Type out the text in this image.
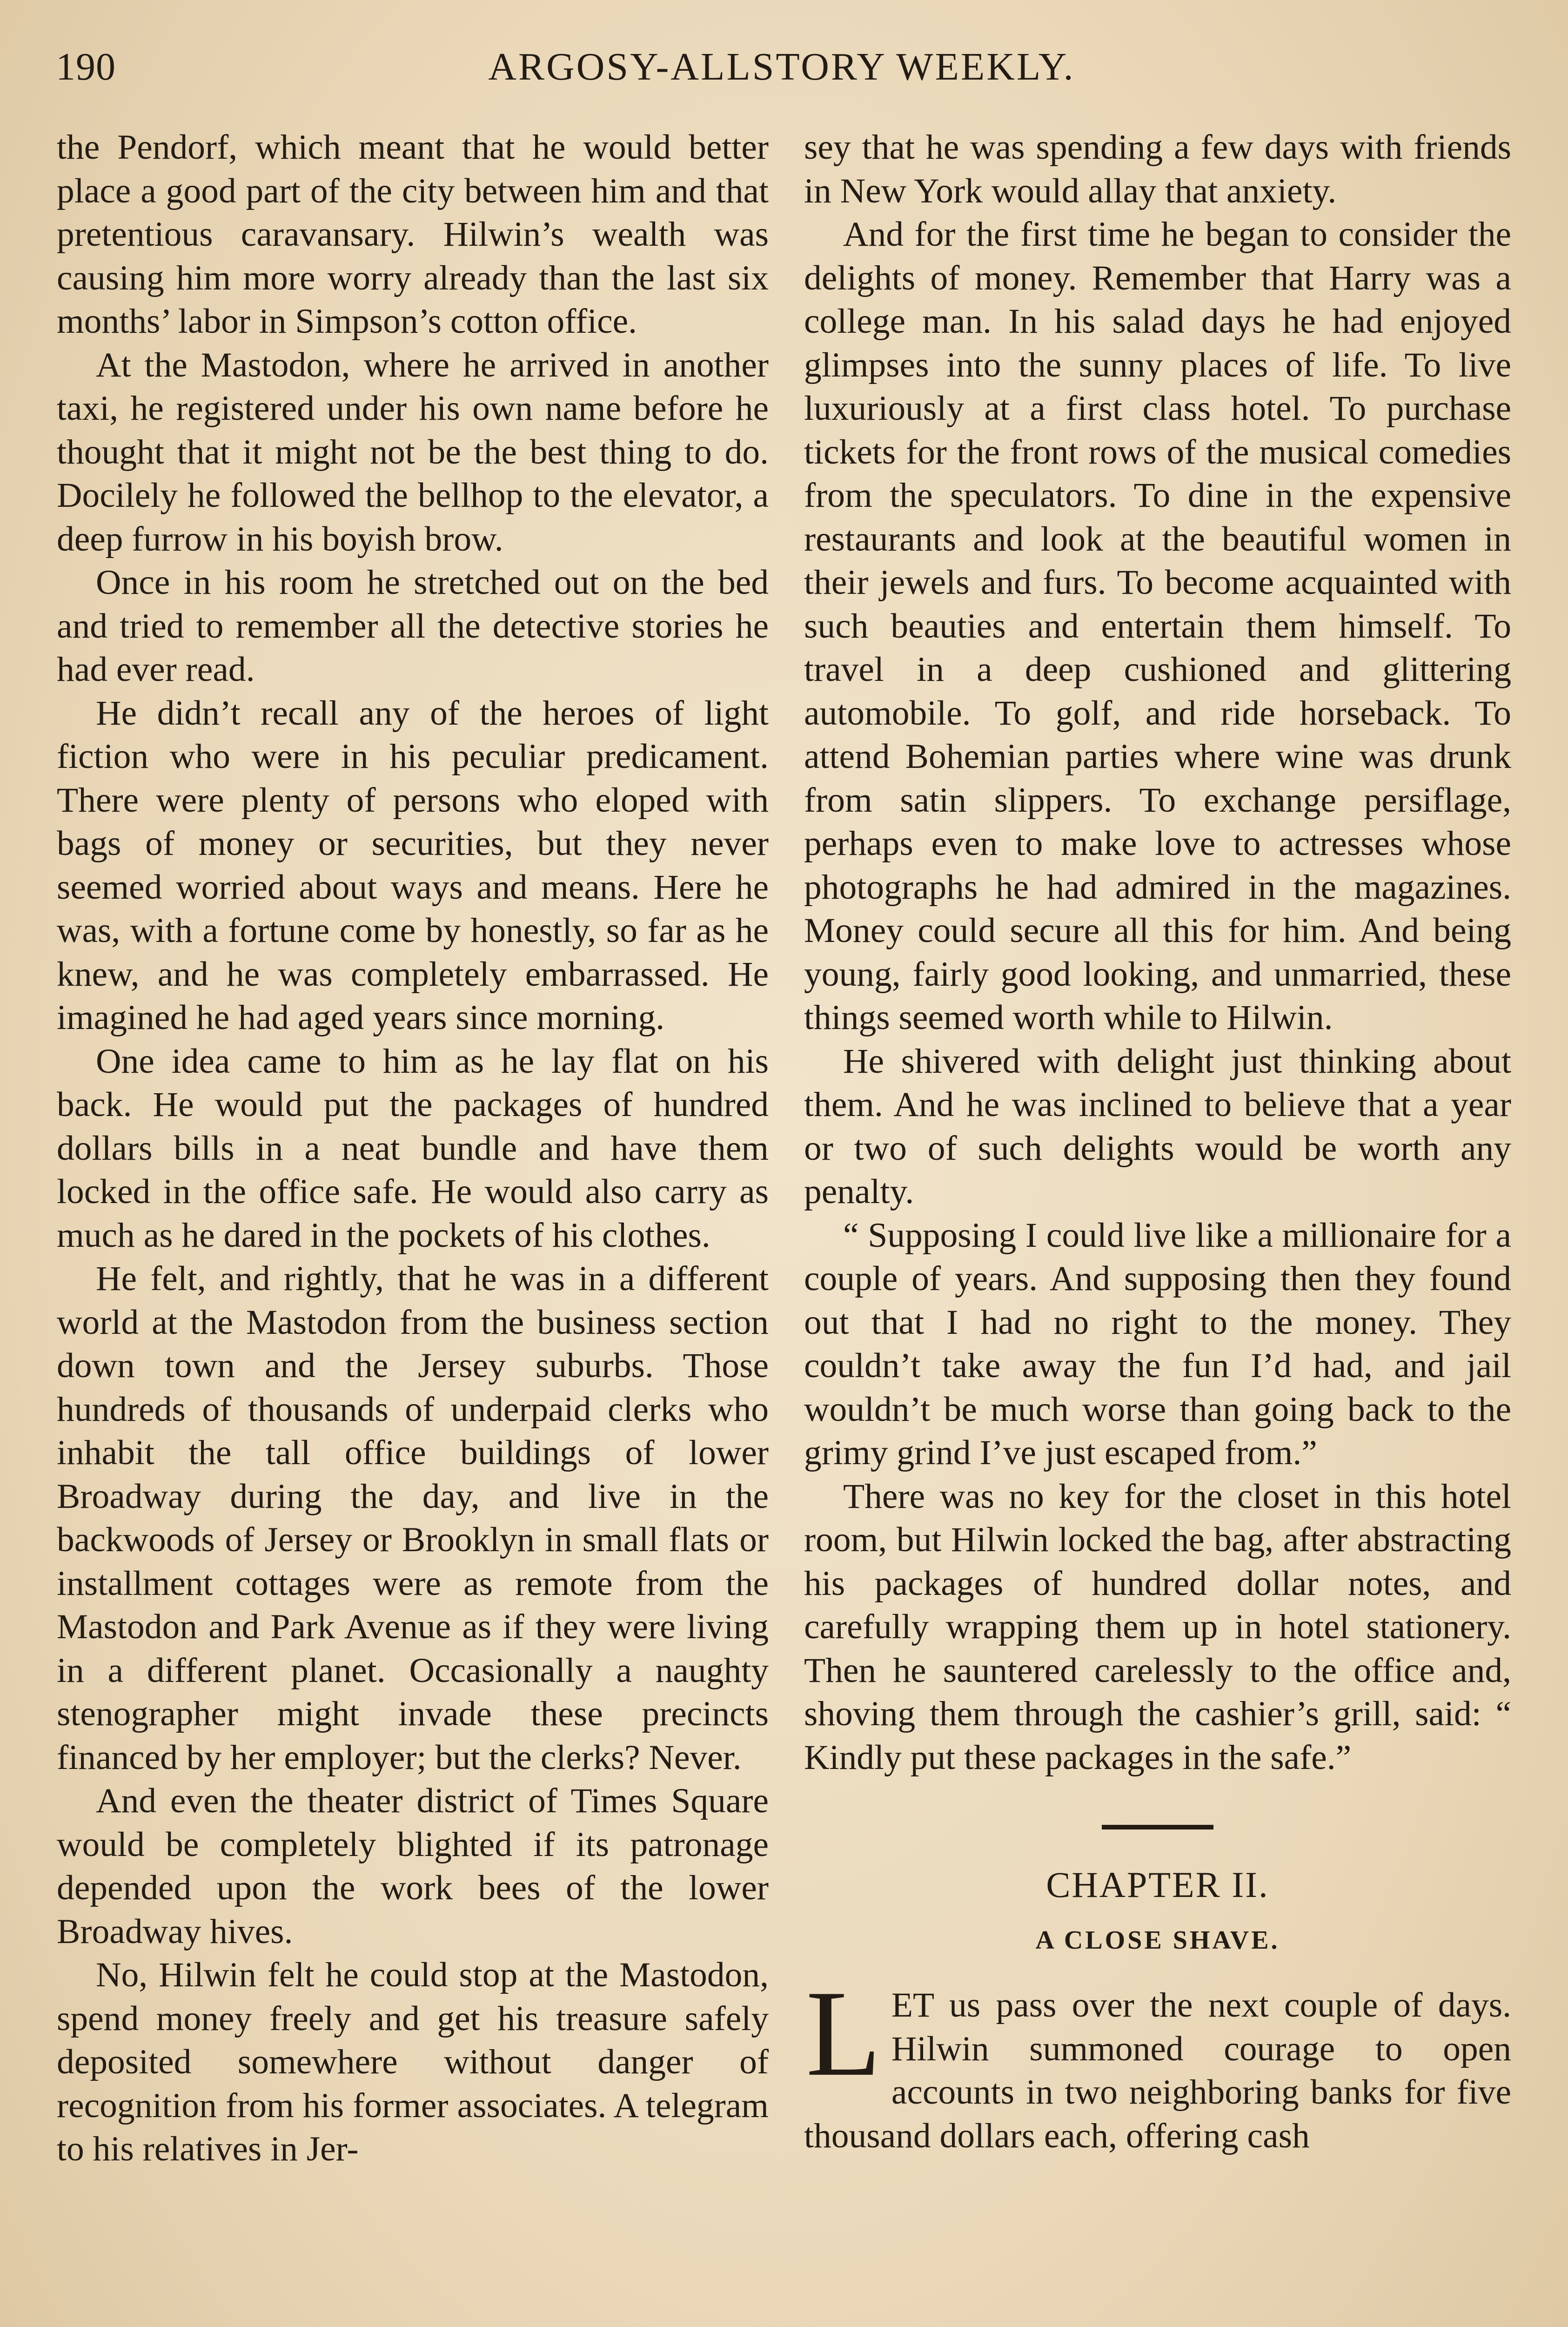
190	ARGOSY-ALLSTORY WEEKLY.

the Pendorf, which meant that he would better place a good part of the city between him and that pretentious caravansary. Hilwin’s wealth was causing him more worry already than the last six months’ labor in Simpson’s cotton office.

At the Mastodon, where he arrived in another taxi, he registered under his own name before he thought that it might not be the best thing to do. Docilely he followed the bellhop to the elevator, a deep furrow in his boyish brow.

Once in his room he stretched out on the bed and tried to remember all the detective stories he had ever read.

He didn’t recall any of the heroes of light fiction who were in his peculiar predicament. There were plenty of persons who eloped with bags of money or securities, but they never seemed worried about ways and means. Here he was, with a fortune come by honestly, so far as he knew, and he was completely embarrassed. He imagined he had aged years since morning.

One idea came to him as he lay flat on his back. He would put the packages of hundred dollars bills in a neat bundle and have them locked in the office safe. He would also carry as much as he dared in the pockets of his clothes.

He felt, and rightly, that he was in a different world at the Mastodon from the business section down town and the Jersey suburbs. Those hundreds of thousands of underpaid clerks who inhabit the tall office buildings of lower Broadway during the day, and live in the backwoods of Jersey or Brooklyn in small flats or installment cottages were as remote from the Mastodon and Park Avenue as if they were living in a different planet. Occasionally a naughty stenographer might invade these precincts financed by her employer; but the clerks? Never.

And even the theater district of Times Square would be completely blighted if its patronage depended upon the work bees of the lower Broadway hives.

No, Hilwin felt he could stop at the Mastodon, spend money freely and get his treasure safely deposited somewhere without danger of recognition from his former associates. A telegram to his relatives in Jer-

sey that he was spending a few days with friends in New York would allay that anxiety.

And for the first time he began to consider the delights of money. Remember that Harry was a college man. In his salad days he had enjoyed glimpses into the sunny places of life. To live luxuriously at a first class hotel. To purchase tickets for the front rows of the musical comedies from the speculators. To dine in the expensive restaurants and look at the beautiful women in their jewels and furs. To become acquainted with such beauties and entertain them himself. To travel in a deep cushioned and glittering automobile. To golf, and ride horseback. To attend Bohemian parties where wine was drunk from satin slippers. To exchange persiflage, perhaps even to make love to actresses whose photographs he had admired in the magazines. Money could secure all this for him. And being young, fairly good looking, and unmarried, these things seemed worth while to Hilwin.

He shivered with delight just thinking about them. And he was inclined to believe that a year or two of such delights would be worth any penalty.

“ Supposing I could live like a millionaire for a couple of years. And supposing then they found out that I had no right to the money. They couldn’t take away the fun I’d had, and jail wouldn’t be much worse than going back to the grimy grind I’ve just escaped from.”

There was no key for the closet in this hotel room, but Hilwin locked the bag, after abstracting his packages of hundred dollar notes, and carefully wrapping them up in hotel stationery. Then he sauntered carelessly to the office and, shoving them through the cashier’s grill, said: “ Kindly put these packages in the safe.”

CHAPTER II.
A CLOSE SHAVE.

LET us pass over the next couple of days. Hilwin summoned courage to open accounts in two neighboring banks for five thousand dollars each, offering cash
